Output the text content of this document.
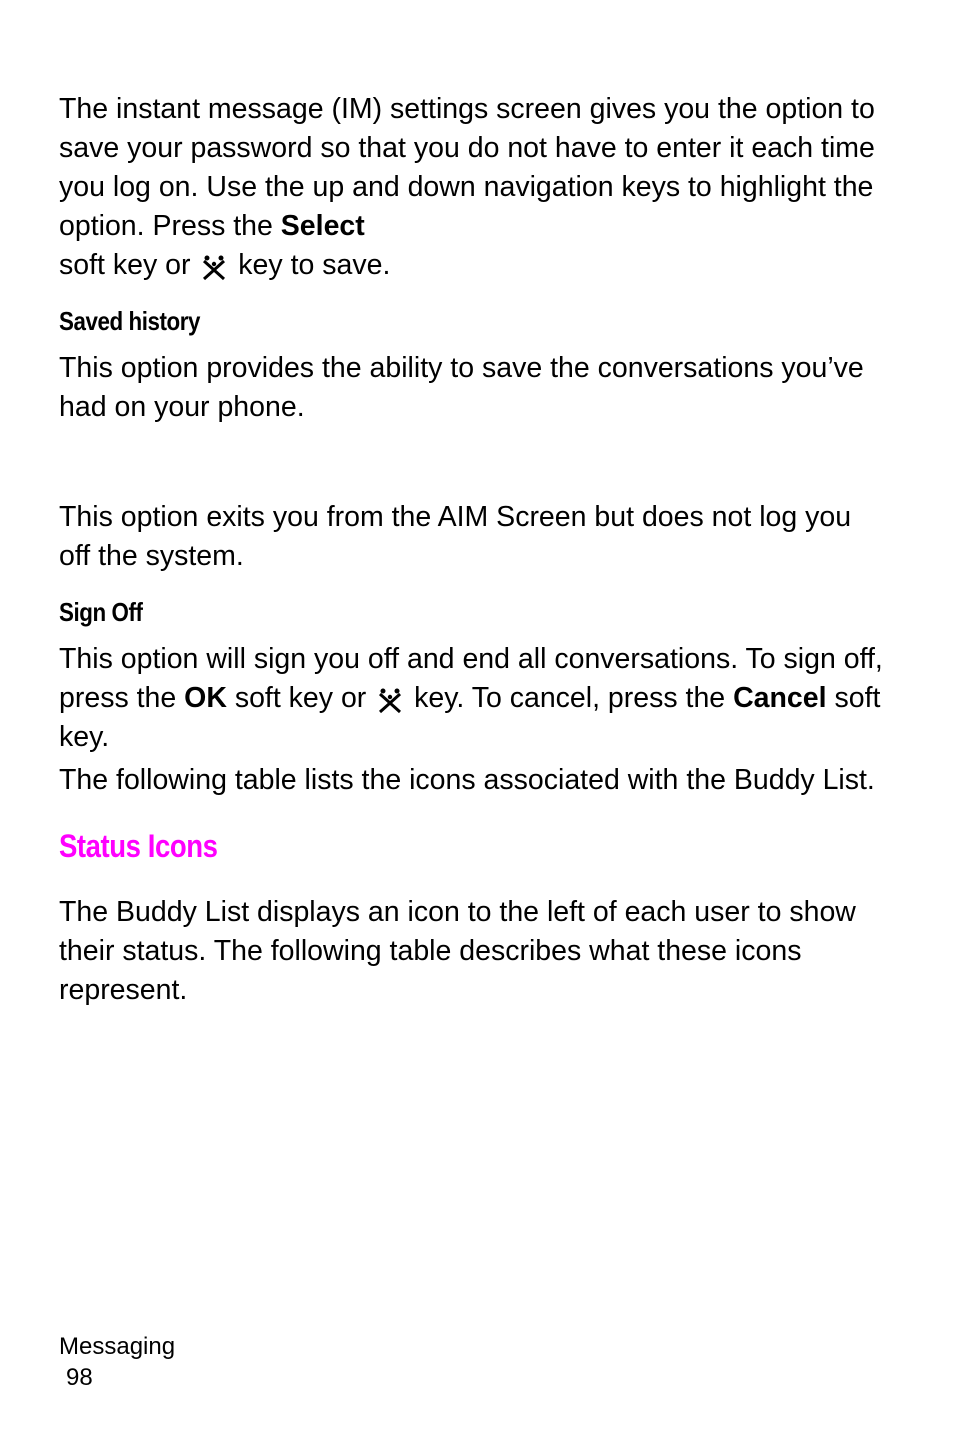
The instant message (IM) settings screen gives you the option to save your password so that you do not have to enter it each time you log on. Use the up and down navigation keys to highlight the option. Press the Select
soft key or  key to save.

Saved history

This option provides the ability to save the conversations you’ve had on your phone.

This option exits you from the AIM Screen but does not log you off the system.

Sign Off

This option will sign you off and end all conversations. To sign off, press the OK soft key or  key. To cancel, press the Cancel soft key.

The following table lists the icons associated with the Buddy List.

Status Icons

The Buddy List displays an icon to the left of each user to show their status. The following table describes what these icons represent.

Messaging
98
